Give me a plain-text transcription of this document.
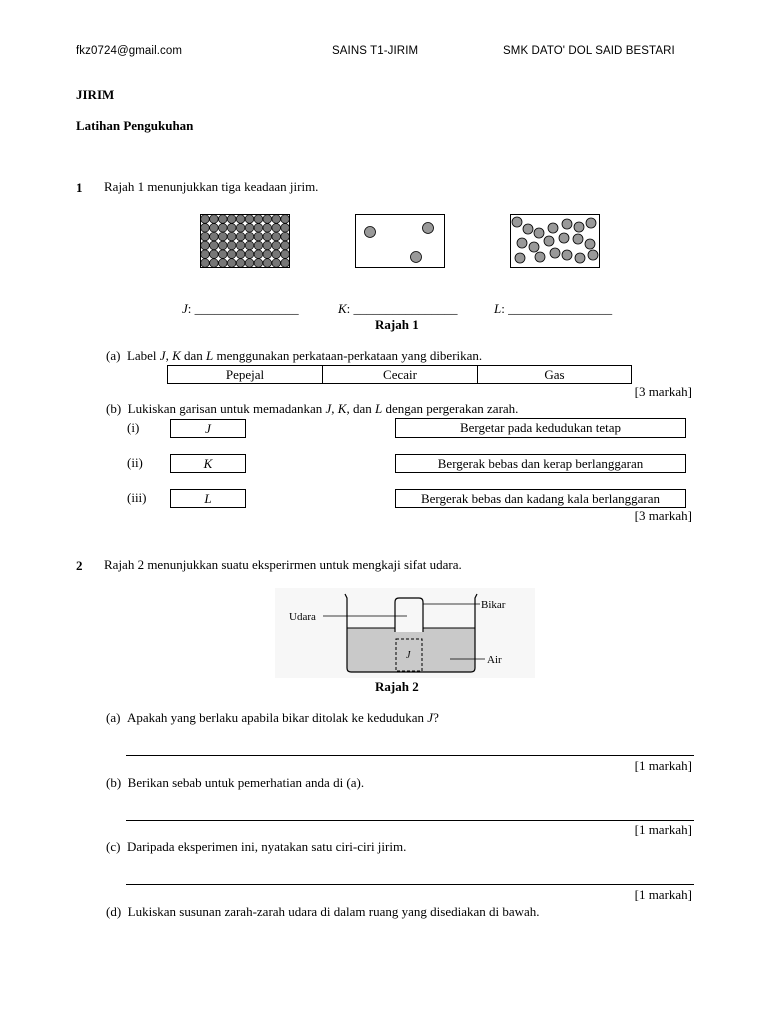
fkz0724@gmail.com	SAINS T1-JIRIM	SMK DATO' DOL SAID BESTARI
JIRIM
Latihan Pengukuhan
1 Rajah 1 menunjukkan tiga keadaan jirim.
J: ________________	K: ________________	L: ________________
Rajah 1
(a) Label J, K dan L menggunakan perkataan-perkataan yang diberikan.
Pepejal	Cecair	Gas
[3 markah]
(b) Lukiskan garisan untuk memadankan J, K, dan L dengan pergerakan zarah.
(i)	J	Bergetar pada kedudukan tetap
(ii)	K	Bergerak bebas dan kerap berlanggaran
(iii)	L	Bergerak bebas dan kadang kala berlanggaran
[3 markah]
2 Rajah 2 menunjukkan suatu eksperirmen untuk mengkaji sifat udara.
J
Udara
Bikar
Air
Rajah 2
(a) Apakah yang berlaku apabila bikar ditolak ke kedudukan J?
[1 markah]
(b) Berikan sebab untuk pemerhatian anda di (a).
[1 markah]
(c) Daripada eksperimen ini, nyatakan satu ciri-ciri jirim.
[1 markah]
(d) Lukiskan susunan zarah-zarah udara di dalam ruang yang disediakan di bawah.
